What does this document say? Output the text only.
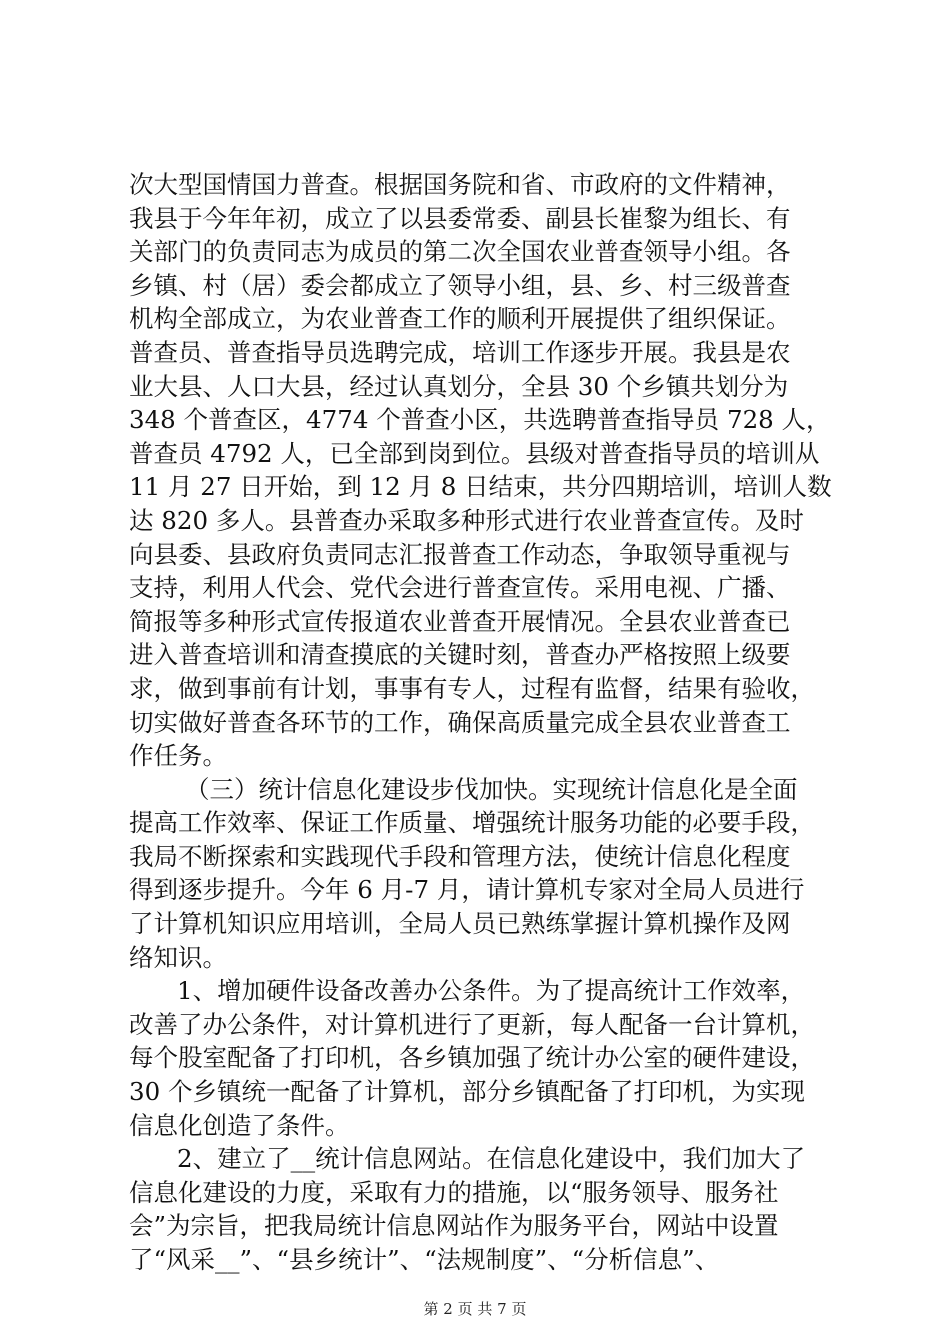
次大型国情国力普查。根据国务院和省、市政府的文件精神，
我县于今年年初，成立了以县委常委、副县长崔黎为组长、有
关部门的负责同志为成员的第二次全国农业普查领导小组。各
乡镇、村（居）委会都成立了领导小组，县、乡、村三级普查
机构全部成立，为农业普查工作的顺利开展提供了组织保证。
普查员、普查指导员选聘完成，培训工作逐步开展。我县是农
业大县、人口大县，经过认真划分，全县 30 个乡镇共划分为
348 个普查区，4774 个普查小区，共选聘普查指导员 728 人，
普查员 4792 人，已全部到岗到位。县级对普查指导员的培训从
11 月 27 日开始，到 12 月 8 日结束，共分四期培训，培训人数
达 820 多人。县普查办采取多种形式进行农业普查宣传。及时
向县委、县政府负责同志汇报普查工作动态，争取领导重视与
支持，利用人代会、党代会进行普查宣传。采用电视、广播、
简报等多种形式宣传报道农业普查开展情况。全县农业普查已
进入普查培训和清查摸底的关键时刻，普查办严格按照上级要
求，做到事前有计划，事事有专人，过程有监督，结果有验收，
切实做好普查各环节的工作，确保高质量完成全县农业普查工
作任务。
（三）统计信息化建设步伐加快。实现统计信息化是全面
提高工作效率、保证工作质量、增强统计服务功能的必要手段，
我局不断探索和实践现代手段和管理方法，使统计信息化程度
得到逐步提升。今年 6 月-7 月，请计算机专家对全局人员进行
了计算机知识应用培训，全局人员已熟练掌握计算机操作及网
络知识。
1、增加硬件设备改善办公条件。为了提高统计工作效率，
改善了办公条件，对计算机进行了更新，每人配备一台计算机，
每个股室配备了打印机，各乡镇加强了统计办公室的硬件建设，
30 个乡镇统一配备了计算机，部分乡镇配备了打印机，为实现
信息化创造了条件。
2、建立了__统计信息网站。在信息化建设中，我们加大了
信息化建设的力度，采取有力的措施，以“服务领导、服务社
会”为宗旨，把我局统计信息网站作为服务平台，网站中设置
了“风采__”、“县乡统计”、“法规制度”、“分析信息”、
第 2 页 共 7 页
